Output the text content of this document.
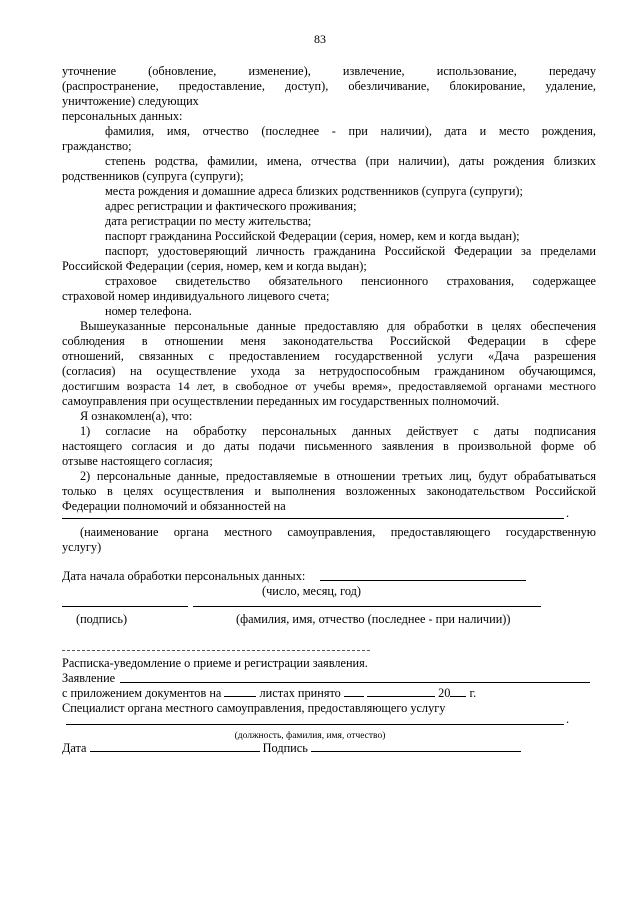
83
уточнение (обновление, изменение), извлечение, использование, передачу
(распространение, предоставление, доступ), обезличивание, блокирование, удаление,
уничтожение) следующих
персональных данных:
фамилия, имя, отчество (последнее - при наличии), дата и место рождения,
гражданство;
степень родства, фамилии, имена, отчества (при наличии), даты рождения близких
родственников (супруга (супруги);
места рождения и домашние адреса близких родственников (супруга (супруги);
адрес регистрации и фактического проживания;
дата регистрации по месту жительства;
паспорт гражданина Российской Федерации (серия, номер, кем и когда выдан);
паспорт, удостоверяющий личность гражданина Российской Федерации за пределами
Российской Федерации (серия, номер, кем и когда выдан);
страховое свидетельство обязательного пенсионного страхования, содержащее
страховой номер индивидуального лицевого счета;
номер телефона.
Вышеуказанные персональные данные предоставляю для обработки в целях обеспечения
соблюдения в отношении меня законодательства Российской Федерации в сфере
отношений, связанных с предоставлением государственной услуги «Дача разрешения
(согласия) на осуществление ухода за нетрудоспособным гражданином обучающимся,
достигшим возраста 14 лет, в свободное от учебы время», предоставляемой органами местного
самоуправления при осуществлении переданных им государственных полномочий.
Я ознакомлен(а), что:
1) согласие на обработку персональных данных действует с даты подписания
настоящего согласия и до даты подачи письменного заявления в произвольной форме об
отзыве настоящего согласия;
2) персональные данные, предоставляемые в отношении третьих лиц, будут обрабатываться
только в целях осуществления и выполнения возложенных законодательством Российской
Федерации полномочий и обязанностей на	.
(наименование органа местного самоуправления, предоставляющего государственную
услугу)
Дата начала обработки персональных данных:
(число, месяц, год)
(подпись)	(фамилия, имя, отчество (последнее - при наличии))
Расписка-уведомление о приеме и регистрации заявления.
Заявление
с приложением документов на	листах принято	20 г.
Специалист органа местного самоуправления, предоставляющего услугу
.
(должность, фамилия, имя, отчество)
Дата	Подпись
